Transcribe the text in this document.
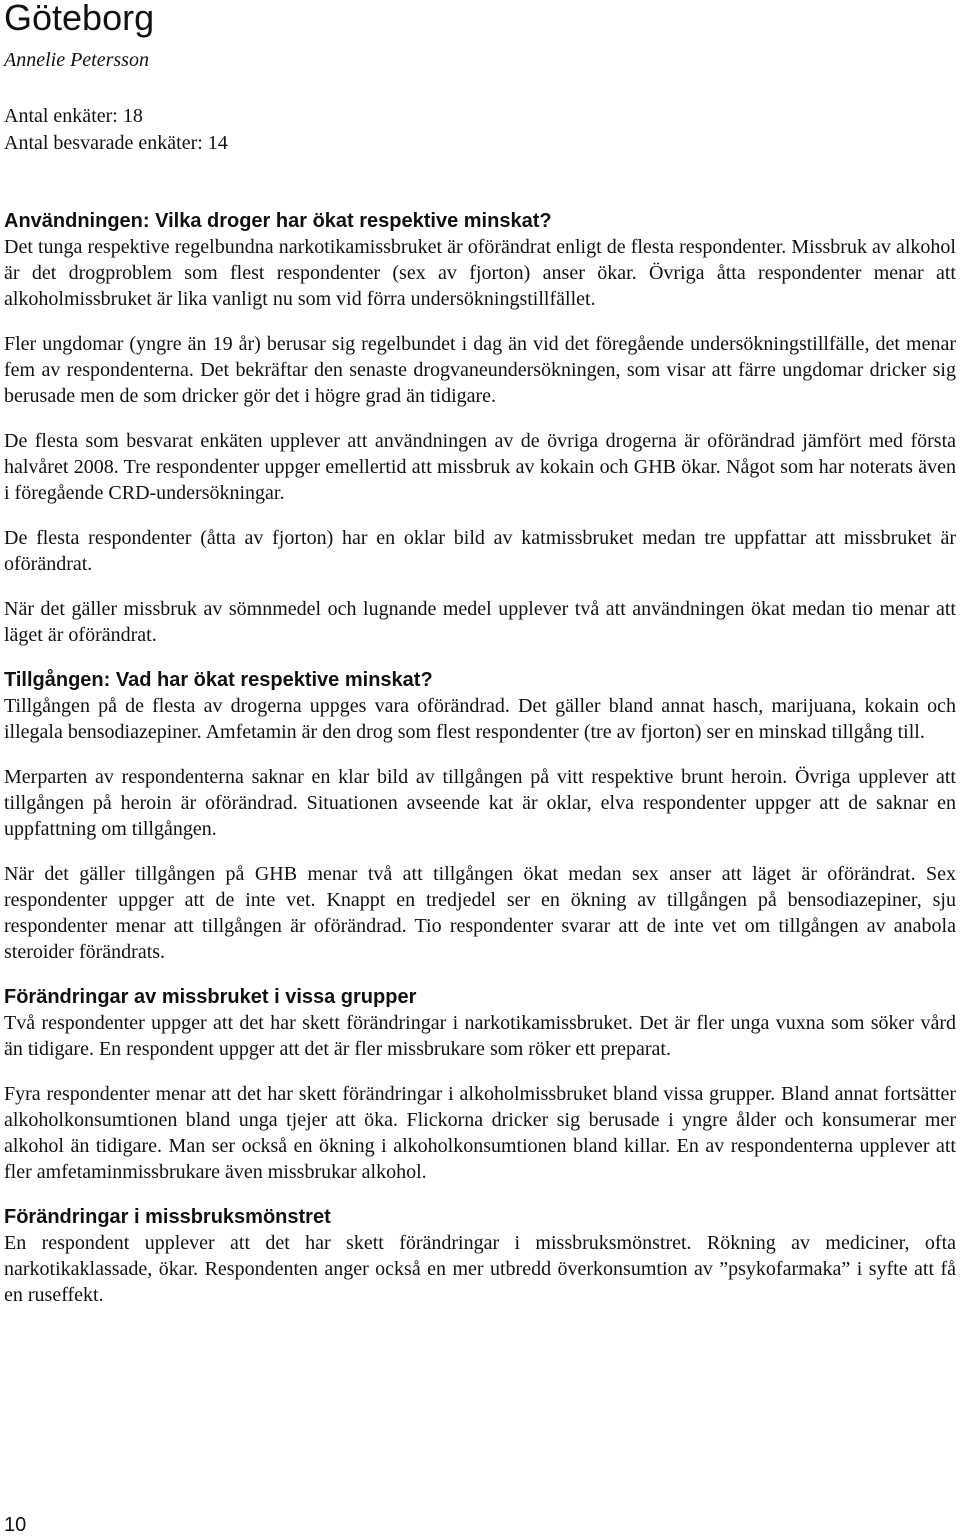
Göteborg
Annelie Petersson
Antal enkäter: 18
Antal besvarade enkäter: 14
Användningen: Vilka droger har ökat respektive minskat?

Det tunga respektive regelbundna narkotikamissbruket är oförändrat enligt de flesta respondenter. Missbruk av alkohol är det drogproblem som flest respondenter (sex av fjorton) anser ökar. Övriga åtta respondenter menar att alkoholmissbruket är lika vanligt nu som vid förra undersökningstillfället.

Fler ungdomar (yngre än 19 år) berusar sig regelbundet i dag än vid det föregående undersökningstillfälle, det menar fem av respondenterna. Det bekräftar den senaste drogvaneundersökningen, som visar att färre ungdomar dricker sig berusade men de som dricker gör det i högre grad än tidigare.

De flesta som besvarat enkäten upplever att användningen av de övriga drogerna är oförändrad jämfört med första halvåret 2008. Tre respondenter uppger emellertid att missbruk av kokain och GHB ökar. Något som har noterats även i föregående CRD-undersökningar.

De flesta respondenter (åtta av fjorton) har en oklar bild av katmissbruket medan tre uppfattar att missbruket är oförändrat.

När det gäller missbruk av sömnmedel och lugnande medel upplever två att användningen ökat medan tio menar att läget är oförändrat.

Tillgången: Vad har ökat respektive minskat?

Tillgången på de flesta av drogerna uppges vara oförändrad. Det gäller bland annat hasch, marijuana, kokain och illegala bensodiazepiner. Amfetamin är den drog som flest respondenter (tre av fjorton) ser en minskad tillgång till.

Merparten av respondenterna saknar en klar bild av tillgången på vitt respektive brunt heroin. Övriga upplever att tillgången på heroin är oförändrad. Situationen avseende kat är oklar, elva respondenter uppger att de saknar en uppfattning om tillgången.

När det gäller tillgången på GHB menar två att tillgången ökat medan sex anser att läget är oförändrat. Sex respondenter uppger att de inte vet. Knappt en tredjedel ser en ökning av tillgången på bensodiazepiner, sju respondenter menar att tillgången är oförändrad. Tio respondenter svarar att de inte vet om tillgången av anabola steroider förändrats.

Förändringar av missbruket i vissa grupper

Två respondenter uppger att det har skett förändringar i narkotikamissbruket. Det är fler unga vuxna som söker vård än tidigare. En respondent uppger att det är fler missbrukare som röker ett preparat.

Fyra respondenter menar att det har skett förändringar i alkoholmissbruket bland vissa grupper. Bland annat fortsätter alkoholkonsumtionen bland unga tjejer att öka. Flickorna dricker sig berusade i yngre ålder och konsumerar mer alkohol än tidigare. Man ser också en ökning i alkoholkonsumtionen bland killar. En av respondenterna upplever att fler amfetaminmissbrukare även missbrukar alkohol.

Förändringar i missbruksmönstret

En respondent upplever att det har skett förändringar i missbruksmönstret. Rökning av mediciner, ofta narkotikaklassade, ökar. Respondenten anger också en mer utbredd överkonsumtion av ”psykofarmaka” i syfte att få en ruseffekt.

10
